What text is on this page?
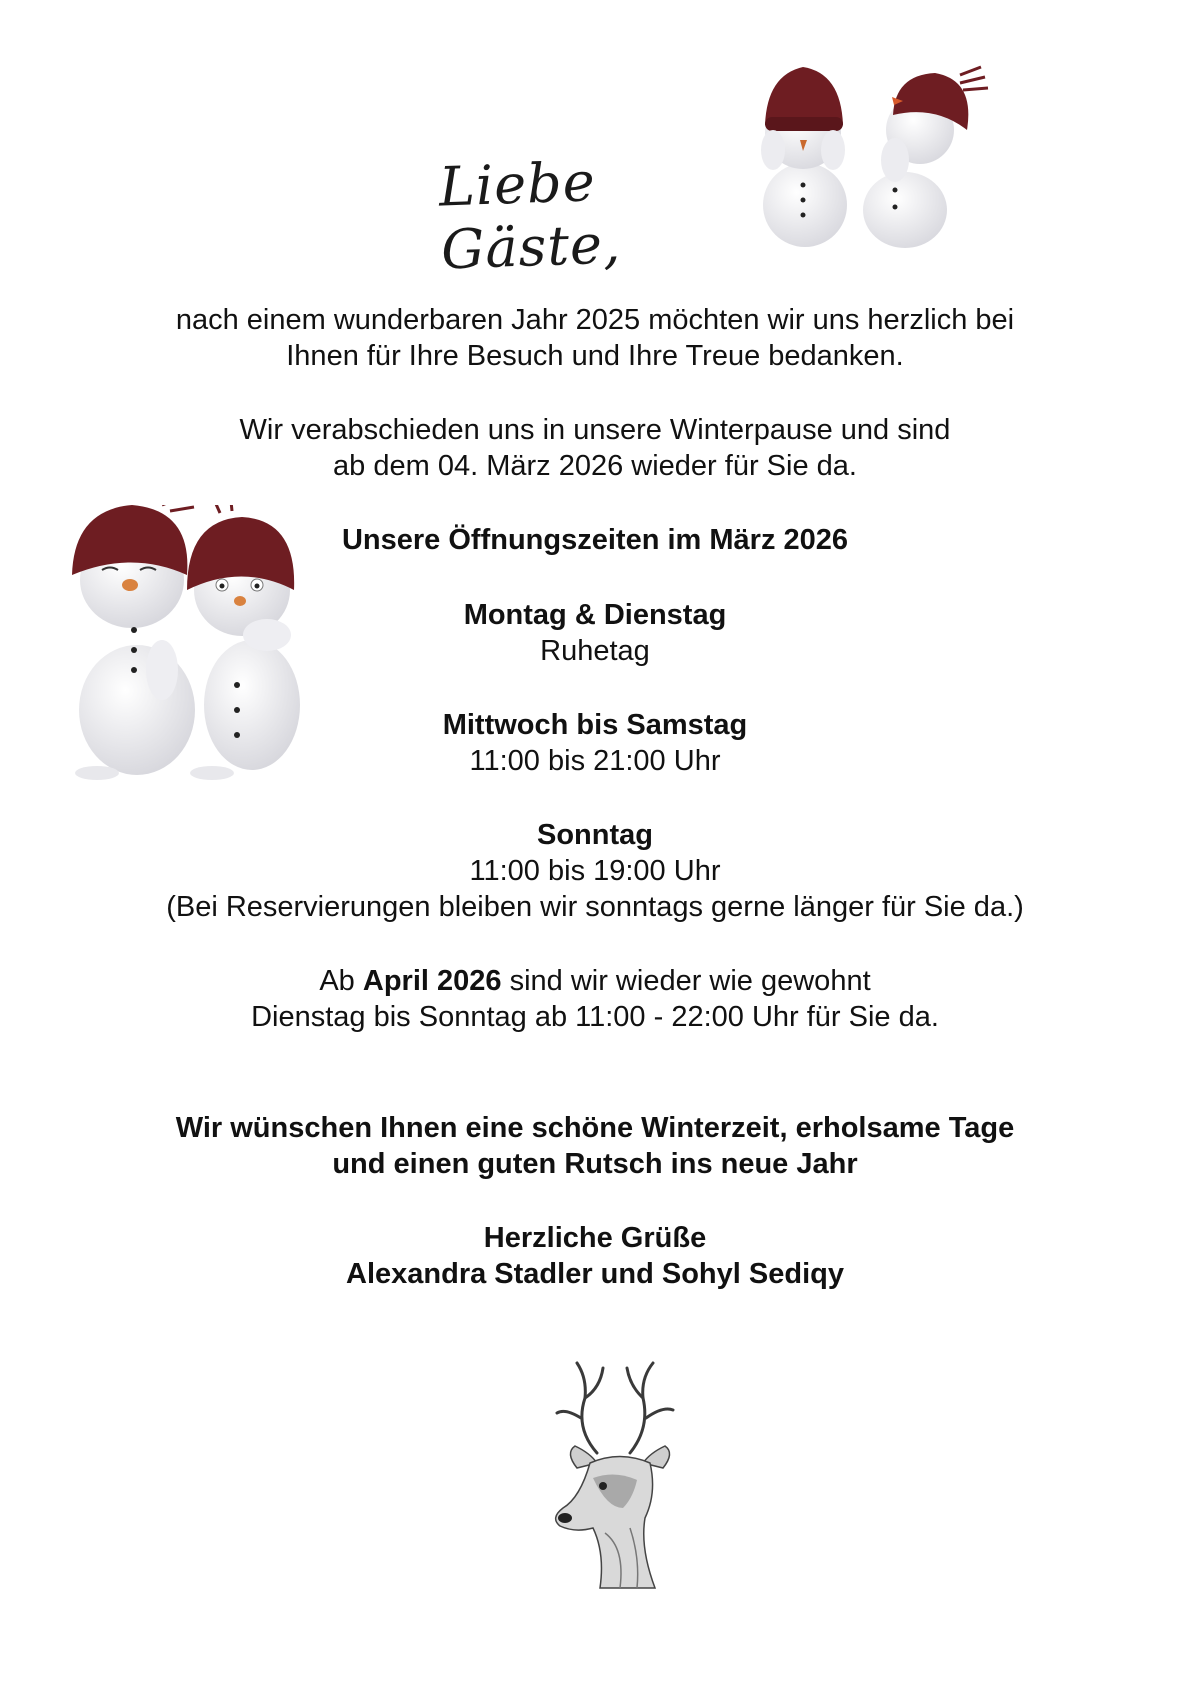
Liebe Gäste,
nach einem wunderbaren Jahr 2025 möchten wir uns herzlich bei
Ihnen für Ihre Besuch und Ihre Treue bedanken.
Wir verabschieden uns in unsere Winterpause und sind
ab dem 04. März 2026 wieder für Sie da.
Unsere Öffnungszeiten im März 2026
Montag & Dienstag
Ruhetag
Mittwoch bis Samstag
11:00 bis 21:00 Uhr
Sonntag
11:00 bis 19:00 Uhr
(Bei Reservierungen bleiben wir sonntags gerne länger für Sie da.)
Ab April 2026 sind wir wieder wie gewohnt
Dienstag bis Sonntag ab 11:00 - 22:00 Uhr für Sie da.
Wir wünschen Ihnen eine schöne Winterzeit, erholsame Tage
und einen guten Rutsch ins neue Jahr
Herzliche Grüße
Alexandra Stadler und Sohyl Sediqy
